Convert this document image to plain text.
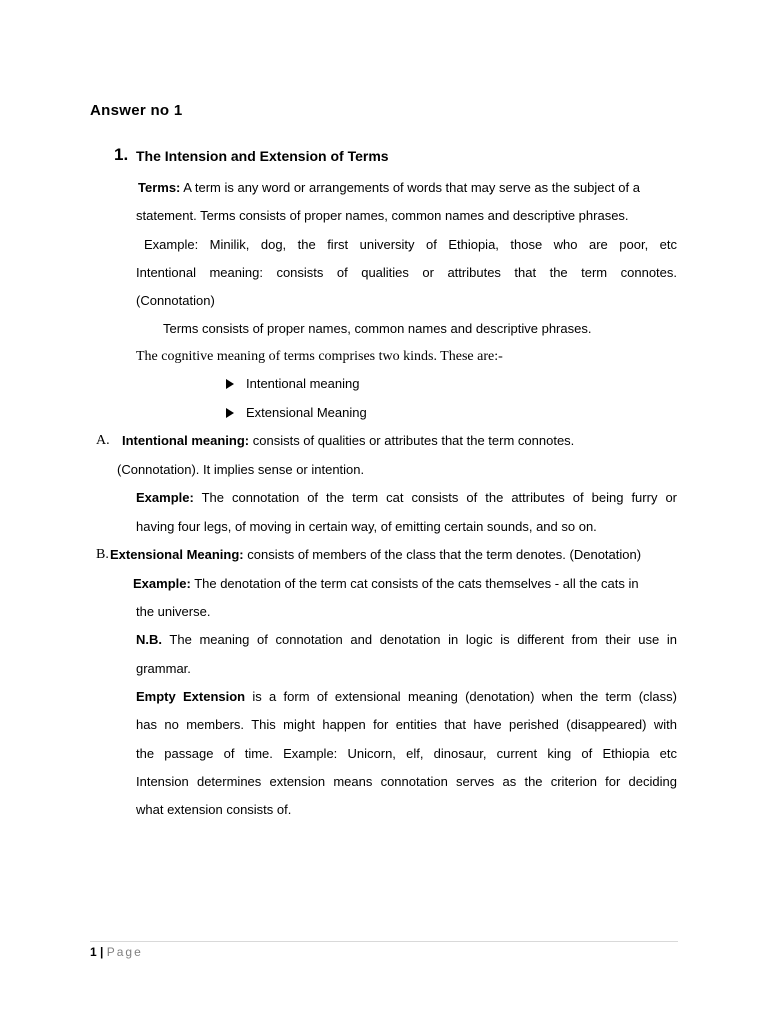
Answer no 1
1. The Intension and Extension of Terms
Terms: A term is any word or arrangements of words that may serve as the subject of a
statement. Terms consists of proper names, common names and descriptive phrases.
Example: Minilik, dog, the first university of Ethiopia, those who are poor, etc
Intentional meaning: consists of qualities or attributes that the term connotes.
(Connotation)
Terms consists of proper names, common names and descriptive phrases.
The cognitive meaning of terms comprises two kinds. These are:-
Intentional meaning
Extensional Meaning
A. Intentional meaning: consists of qualities or attributes that the term connotes.
(Connotation). It implies sense or intention.
Example: The connotation of the term cat consists of the attributes of being furry or
having four legs, of moving in certain way, of emitting certain sounds, and so on.
B. Extensional Meaning: consists of members of the class that the term denotes. (Denotation)
Example: The denotation of the term cat consists of the cats themselves - all the cats in
the universe.
N.B. The meaning of connotation and denotation in logic is different from their use in
grammar.
Empty Extension is a form of extensional meaning (denotation) when the term (class)
has no members. This might happen for entities that have perished (disappeared) with
the passage of time. Example: Unicorn, elf, dinosaur, current king of Ethiopia etc
Intension determines extension means connotation serves as the criterion for deciding
what extension consists of.
1 | Page
